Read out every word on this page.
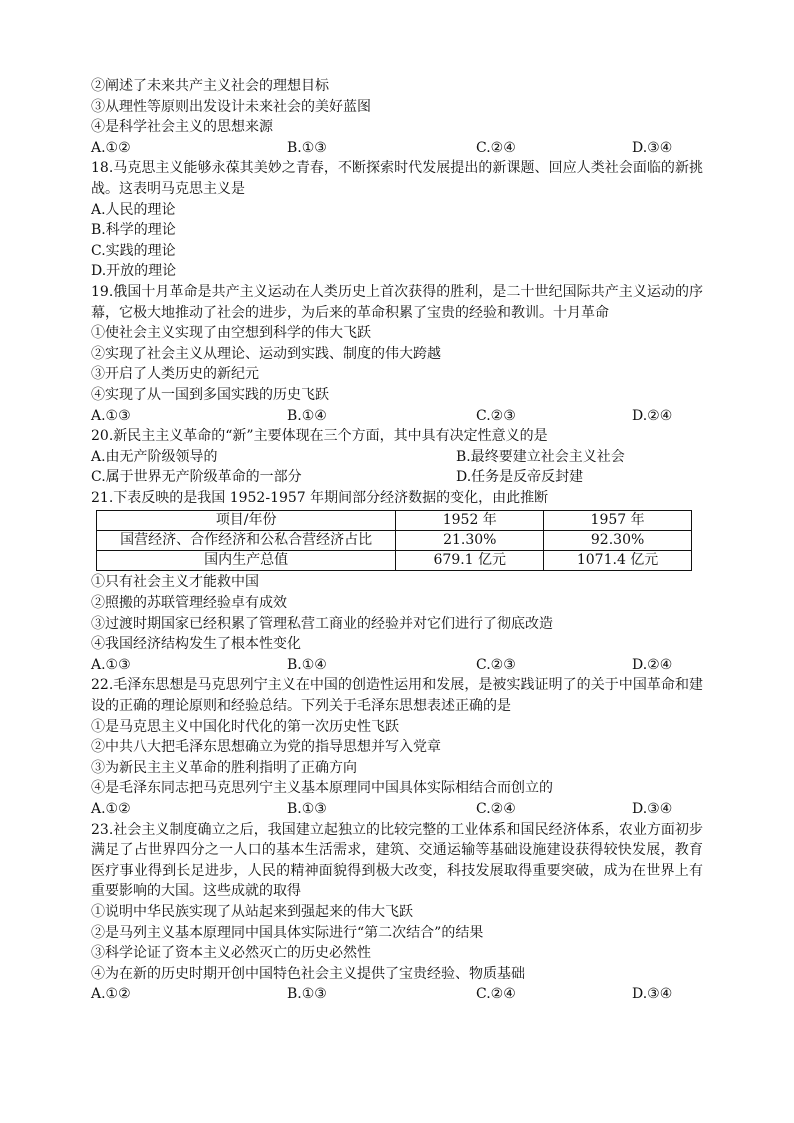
②阐述了未来共产主义社会的理想目标
③从理性等原则出发设计未来社会的美好蓝图
④是科学社会主义的思想来源
A.①②	B.①③	C.②④	D.③④
18.马克思主义能够永葆其美妙之青春，不断探索时代发展提出的新课题、回应人类社会面临的新挑战。这表明马克思主义是
A.人民的理论
B.科学的理论
C.实践的理论
D.开放的理论
19.俄国十月革命是共产主义运动在人类历史上首次获得的胜利，是二十世纪国际共产主义运动的序幕，它极大地推动了社会的进步，为后来的革命积累了宝贵的经验和教训。十月革命
①使社会主义实现了由空想到科学的伟大飞跃
②实现了社会主义从理论、运动到实践、制度的伟大跨越
③开启了人类历史的新纪元
④实现了从一国到多国实践的历史飞跃
A.①③	B.①④	C.②③	D.②④
20.新民主主义革命的“新”主要体现在三个方面，其中具有决定性意义的是
A.由无产阶级领导的	B.最终要建立社会主义社会
C.属于世界无产阶级革命的一部分	D.任务是反帝反封建
21.下表反映的是我国 1952-1957 年期间部分经济数据的变化，由此推断
项目/年份	1952 年	1957 年
国营经济、合作经济和公私合营经济占比	21.30%	92.30%
国内生产总值	679.1 亿元	1071.4 亿元
①只有社会主义才能救中国
②照搬的苏联管理经验卓有成效
③过渡时期国家已经积累了管理私营工商业的经验并对它们进行了彻底改造
④我国经济结构发生了根本性变化
A.①③	B.①④	C.②③	D.②④
22.毛泽东思想是马克思列宁主义在中国的创造性运用和发展，是被实践证明了的关于中国革命和建设的正确的理论原则和经验总结。下列关于毛泽东思想表述正确的是
①是马克思主义中国化时代化的第一次历史性飞跃
②中共八大把毛泽东思想确立为党的指导思想并写入党章
③为新民主主义革命的胜利指明了正确方向
④是毛泽东同志把马克思列宁主义基本原理同中国具体实际相结合而创立的
A.①②	B.①③	C.②④	D.③④
23.社会主义制度确立之后，我国建立起独立的比较完整的工业体系和国民经济体系，农业方面初步满足了占世界四分之一人口的基本生活需求，建筑、交通运输等基础设施建设获得较快发展，教育医疗事业得到长足进步，人民的精神面貌得到极大改变，科技发展取得重要突破，成为在世界上有重要影响的大国。这些成就的取得
①说明中华民族实现了从站起来到强起来的伟大飞跃
②是马列主义基本原理同中国具体实际进行“第二次结合”的结果
③科学论证了资本主义必然灭亡的历史必然性
④为在新的历史时期开创中国特色社会主义提供了宝贵经验、物质基础
A.①②	B.①③	C.②④	D.③④
